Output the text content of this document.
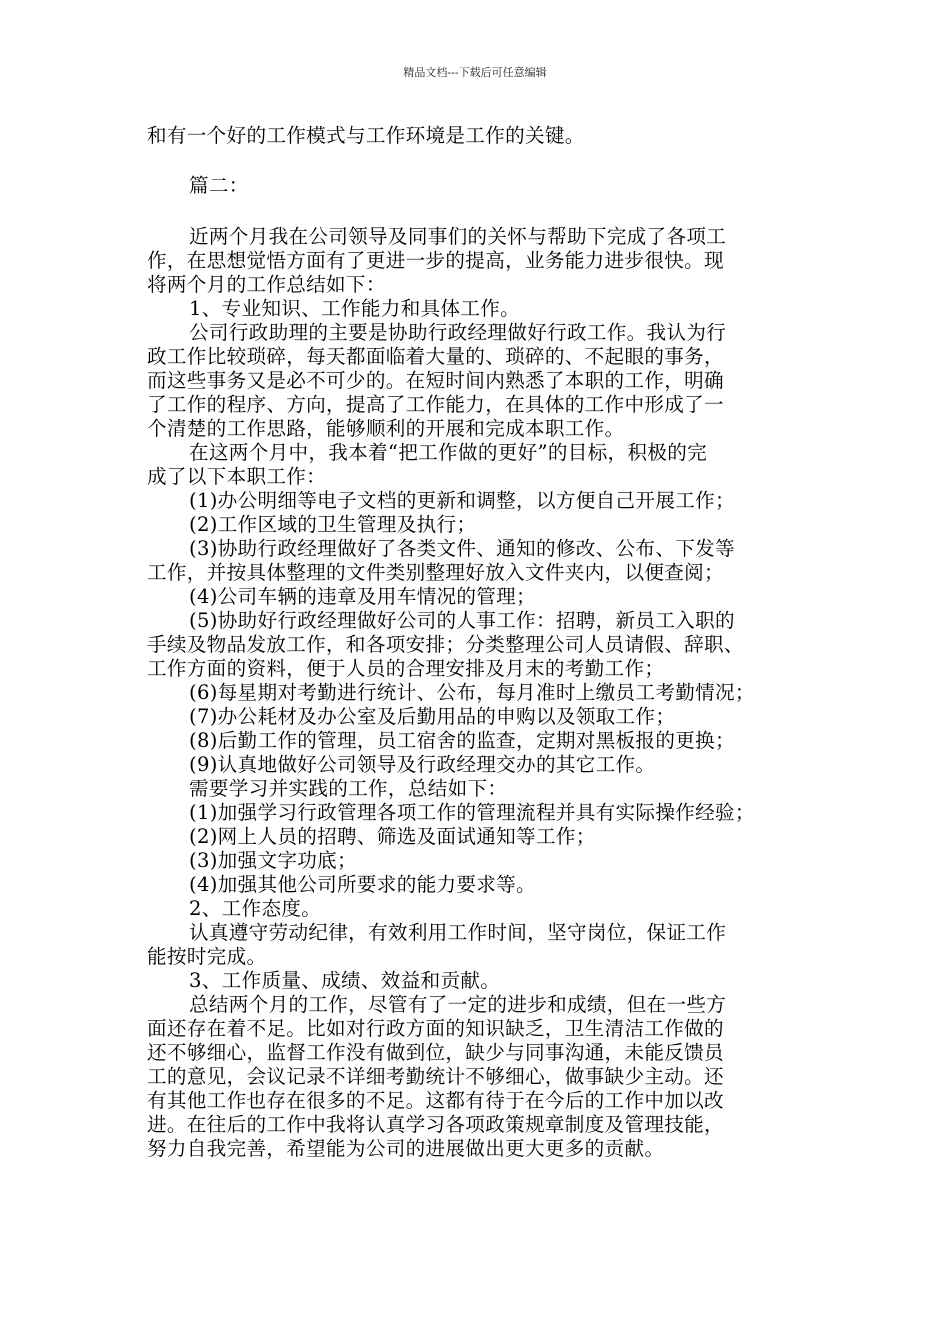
精品文档---下载后可任意编辑
和有一个好的工作模式与工作环境是工作的关键。
篇二：
近两个月我在公司领导及同事们的关怀与帮助下完成了各项工
作，在思想觉悟方面有了更进一步的提高，业务能力进步很快。现
将两个月的工作总结如下：
1、专业知识、工作能力和具体工作。
公司行政助理的主要是协助行政经理做好行政工作。我认为行
政工作比较琐碎，每天都面临着大量的、琐碎的、不起眼的事务，
而这些事务又是必不可少的。在短时间内熟悉了本职的工作，明确
了工作的程序、方向，提高了工作能力，在具体的工作中形成了一
个清楚的工作思路，能够顺利的开展和完成本职工作。
在这两个月中，我本着“把工作做的更好”的目标，积极的完
成了以下本职工作：
(1)办公明细等电子文档的更新和调整，以方便自己开展工作；
(2)工作区域的卫生管理及执行；
(3)协助行政经理做好了各类文件、通知的修改、公布、下发等
工作，并按具体整理的文件类别整理好放入文件夹内，以便查阅；
(4)公司车辆的违章及用车情况的管理；
(5)协助好行政经理做好公司的人事工作：招聘，新员工入职的
手续及物品发放工作，和各项安排；分类整理公司人员请假、辞职、
工作方面的资料，便于人员的合理安排及月末的考勤工作；
(6)每星期对考勤进行统计、公布，每月准时上缴员工考勤情况；
(7)办公耗材及办公室及后勤用品的申购以及领取工作；
(8)后勤工作的管理，员工宿舍的监查，定期对黑板报的更换；
(9)认真地做好公司领导及行政经理交办的其它工作。
需要学习并实践的工作，总结如下：
(1)加强学习行政管理各项工作的管理流程并具有实际操作经验；
(2)网上人员的招聘、筛选及面试通知等工作；
(3)加强文字功底；
(4)加强其他公司所要求的能力要求等。
2、工作态度。
认真遵守劳动纪律，有效利用工作时间，坚守岗位，保证工作
能按时完成。
3、工作质量、成绩、效益和贡献。
总结两个月的工作，尽管有了一定的进步和成绩，但在一些方
面还存在着不足。比如对行政方面的知识缺乏，卫生清洁工作做的
还不够细心，监督工作没有做到位，缺少与同事沟通，未能反馈员
工的意见，会议记录不详细考勤统计不够细心，做事缺少主动。还
有其他工作也存在很多的不足。这都有待于在今后的工作中加以改
进。在往后的工作中我将认真学习各项政策规章制度及管理技能，
努力自我完善，希望能为公司的进展做出更大更多的贡献。
